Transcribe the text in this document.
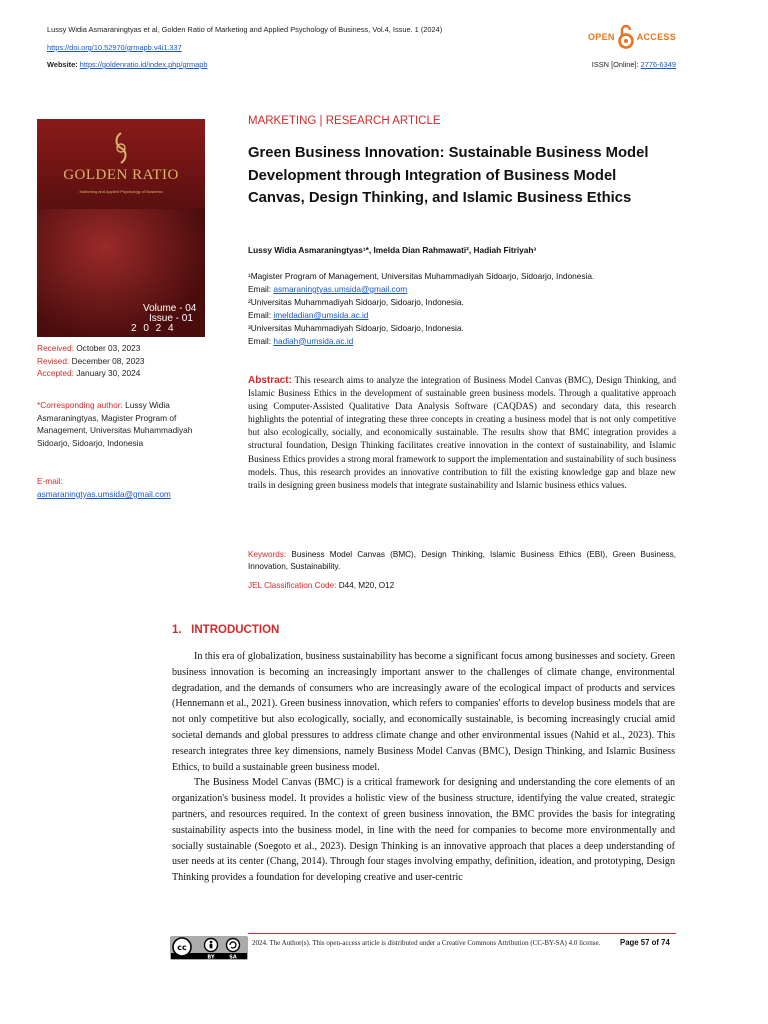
Lussy Widia Asmaraningtyas et al, Golden Ratio of Marketing and Applied Psychology of Business, Vol.4, Issue. 1 (2024)
https://doi.org/10.52970/grmapb.v4i1.337
Website: https://goldenratio.id/index.php/grmapb	ISSN [Online]: 2776-6349
OPEN ACCESS
GOLDEN RATIO
Marketing and Applied Psychology of Business
Volume - 04
Issue - 01
2 0 2 4
Received: October 03, 2023
Revised: December 08, 2023
Accepted: January 30, 2024
*Corresponding author: Lussy Widia Asmaraningtyas, Magister Program of Management, Universitas Muhammadiyah Sidoarjo, Sidoarjo, Indonesia
E-mail:
asmaraningtyas.umsida@gmail.com
MARKETING | RESEARCH ARTICLE
Green Business Innovation: Sustainable Business Model Development through Integration of Business Model Canvas, Design Thinking, and Islamic Business Ethics
Lussy Widia Asmaraningtyas¹*, Imelda Dian Rahmawati², Hadiah Fitriyah³
¹Magister Program of Management, Universitas Muhammadiyah Sidoarjo, Sidoarjo, Indonesia.
Email: asmaraningtyas.umsida@gmail.com
²Universitas Muhammadiyah Sidoarjo, Sidoarjo, Indonesia.
Email: imeldadian@umsida.ac.id
³Universitas Muhammadiyah Sidoarjo, Sidoarjo, Indonesia.
Email: hadiah@umsida.ac.id
Abstract: This research aims to analyze the integration of Business Model Canvas (BMC), Design Thinking, and Islamic Business Ethics in the development of sustainable green business models. Through a qualitative approach using Computer-Assisted Qualitative Data Analysis Software (CAQDAS) and secondary data, this research highlights the potential of integrating these three concepts in creating a business model that is not only competitive but also ecologically, socially, and economically sustainable. The results show that BMC integration provides a structural foundation, Design Thinking facilitates creative innovation in the context of sustainability, and Islamic Business Ethics provides a strong moral framework to support the implementation and sustainability of such business models. Thus, this research provides an innovative contribution to fill the existing knowledge gap and blaze new trails in designing green business models that integrate sustainability and Islamic business ethics values.
Keywords: Business Model Canvas (BMC), Design Thinking, Islamic Business Ethics (EBI), Green Business, Innovation, Sustainability.
JEL Classification Code: D44, M20, O12
1.   INTRODUCTION

In this era of globalization, business sustainability has become a significant focus among businesses and society. Green business innovation is becoming an increasingly important answer to the challenges of climate change, environmental degradation, and the demands of consumers who are increasingly aware of the ecological impact of products and services (Hennemann et al., 2021). Green business innovation, which refers to companies' efforts to develop business models that are not only competitive but also ecologically, socially, and economically sustainable, is becoming increasingly crucial amid societal demands and global pressures to address climate change and other environmental issues (Nahid et al., 2023). This research integrates three key dimensions, namely Business Model Canvas (BMC), Design Thinking, and Islamic Business Ethics, to build a sustainable green business model.

The Business Model Canvas (BMC) is a critical framework for designing and understanding the core elements of an organization's business model. It provides a holistic view of the business structure, identifying the value created, strategic partners, and resources required. In the context of green business innovation, the BMC provides the basis for integrating sustainability aspects into the business model, in line with the need for companies to become more environmentally and socially sustainable (Soegoto et al., 2023). Design Thinking is an innovative approach that places a deep understanding of user needs at its center (Chang, 2014). Through four stages involving empathy, definition, ideation, and prototyping, Design Thinking provides a foundation for developing creative and user-centric

cc
BY	SA
2024. The Author(s). This open-access article is distributed under a Creative Commons Attribution (CC-BY-SA) 4.0 license.	Page 57 of 74
